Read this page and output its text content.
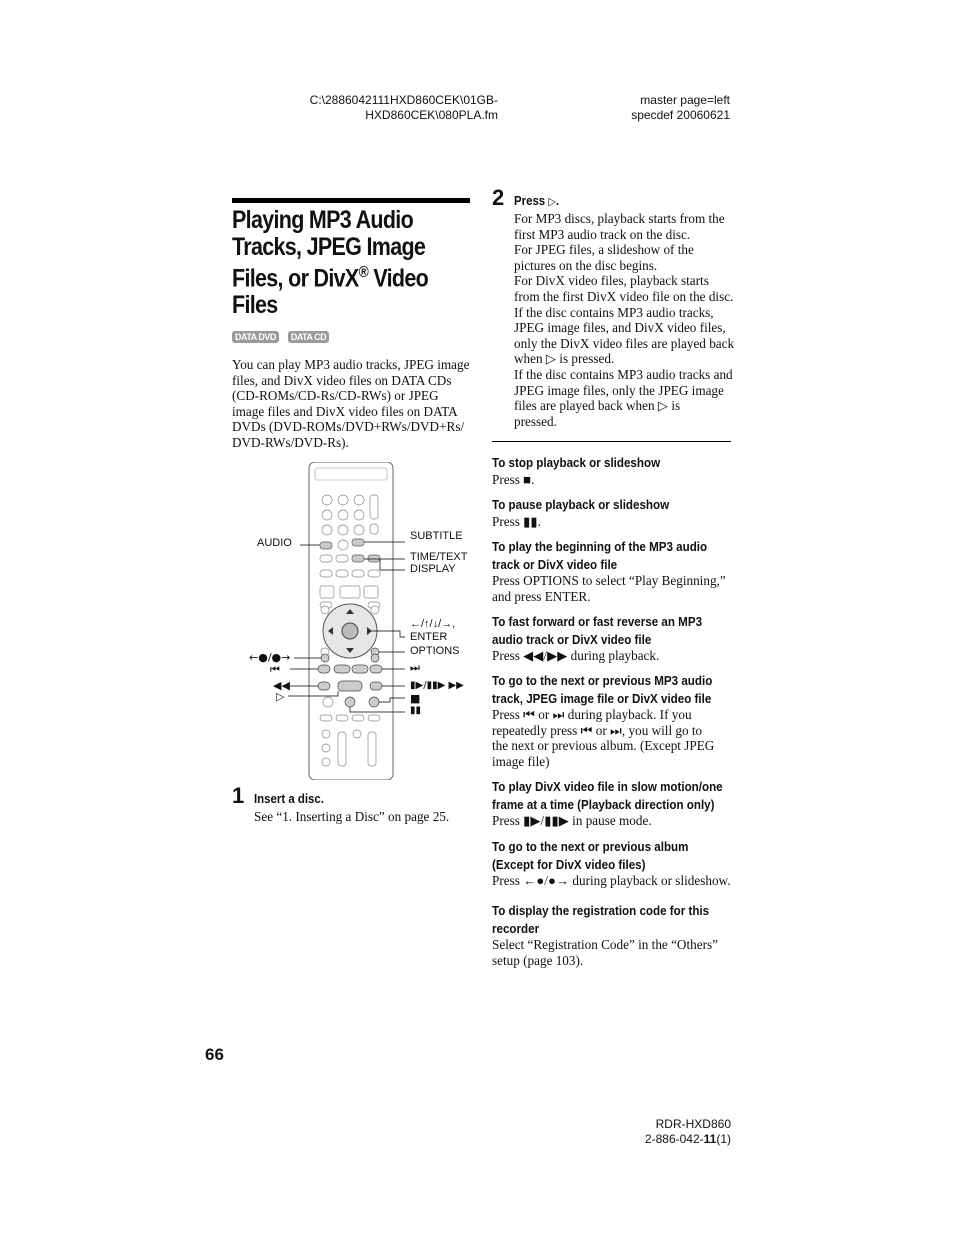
C:\2886042111HXD860CEK\01GB-
HXD860CEK\080PLA.fm
master page=left
specdef 20060621
Playing MP3 Audio
Tracks, JPEG Image
Files, or DivX® Video
Files
DATA DVD DATA CD
You can play MP3 audio tracks, JPEG image files, and DivX video files on DATA CDs (CD-ROMs/CD-Rs/CD-RWs) or JPEG image files and DivX video files on DATA DVDs (DVD-ROMs/DVD+RWs/DVD+Rs/ DVD-RWs/DVD-Rs).
AUDIO
SUBTITLE
TIME/TEXT
DISPLAY
←/↑/↓/→,
ENTER
OPTIONS
←●/●→
⏮
◀◀
▷
⏭
▮▶/▮▮▶ ▶▶
■
▮▮
1 Insert a disc.
See “1. Inserting a Disc” on page 25.
2 Press ▷.
For MP3 discs, playback starts from the
first MP3 audio track on the disc.
For JPEG files, a slideshow of the
pictures on the disc begins.
For DivX video files, playback starts
from the first DivX video file on the disc.
If the disc contains MP3 audio tracks,
JPEG image files, and DivX video files,
only the DivX video files are played back
when ▷ is pressed.
If the disc contains MP3 audio tracks and
JPEG image files, only the JPEG image
files are played back when ▷ is
pressed.
To stop playback or slideshow
Press ■.
To pause playback or slideshow
Press ▮▮.
To play the beginning of the MP3 audio
track or DivX video file
Press OPTIONS to select “Play Beginning,”
and press ENTER.
To fast forward or fast reverse an MP3
audio track or DivX video file
Press ◀◀/▶▶ during playback.
To go to the next or previous MP3 audio
track, JPEG image file or DivX video file
Press ⏮ or ⏭ during playback. If you
repeatedly press ⏮ or ⏭, you will go to
the next or previous album. (Except JPEG
image file)
To play DivX video file in slow motion/one
frame at a time (Playback direction only)
Press ▮▶/▮▮▶ in pause mode.
To go to the next or previous album
(Except for DivX video files)
Press ←●/●→ during playback or slideshow.
To display the registration code for this
recorder
Select “Registration Code” in the “Others”
setup (page 103).
66
RDR-HXD860
2-886-042-11(1)
